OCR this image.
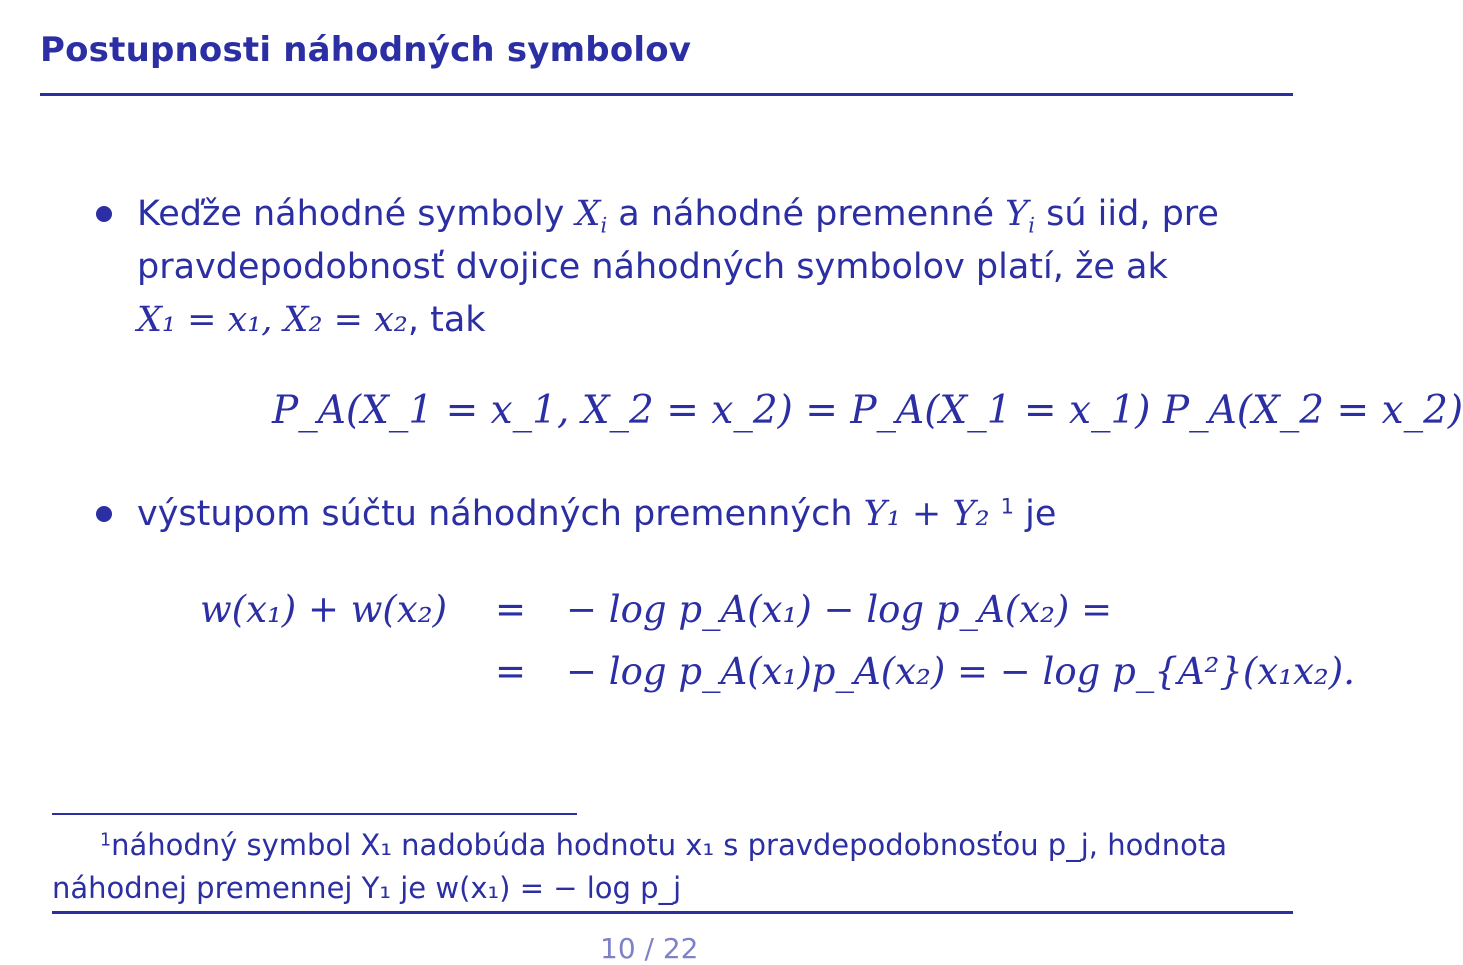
Postupnosti náhodných symbolov
Keďže náhodné symboly $X_i$ a náhodné premenné $Y_i$ sú iid, pre
pravdepodobnosť dvojice náhodných symbolov platí, že ak
X₁ = x₁, X₂ = x₂, tak
P_A(X_1 = x_1, X_2 = x_2) = P_A(X_1 = x_1) P_A(X_2 = x_2)
výstupom súčtu náhodných premenných Y₁ + Y₂ $^1$ je
w(x₁) + w(x₂) = − log p_A(x₁) − log p_A(x₂) =
= − log p_A(x₁)p_A(x₂) = − log p_{A²}(x₁x₂).
$^1$náhodný symbol X₁ nadobúda hodnotu x₁ s pravdepodobnosťou p_j, hodnota
náhodnej premennej Y₁ je w(x₁) = − log p_j
10 / 22
